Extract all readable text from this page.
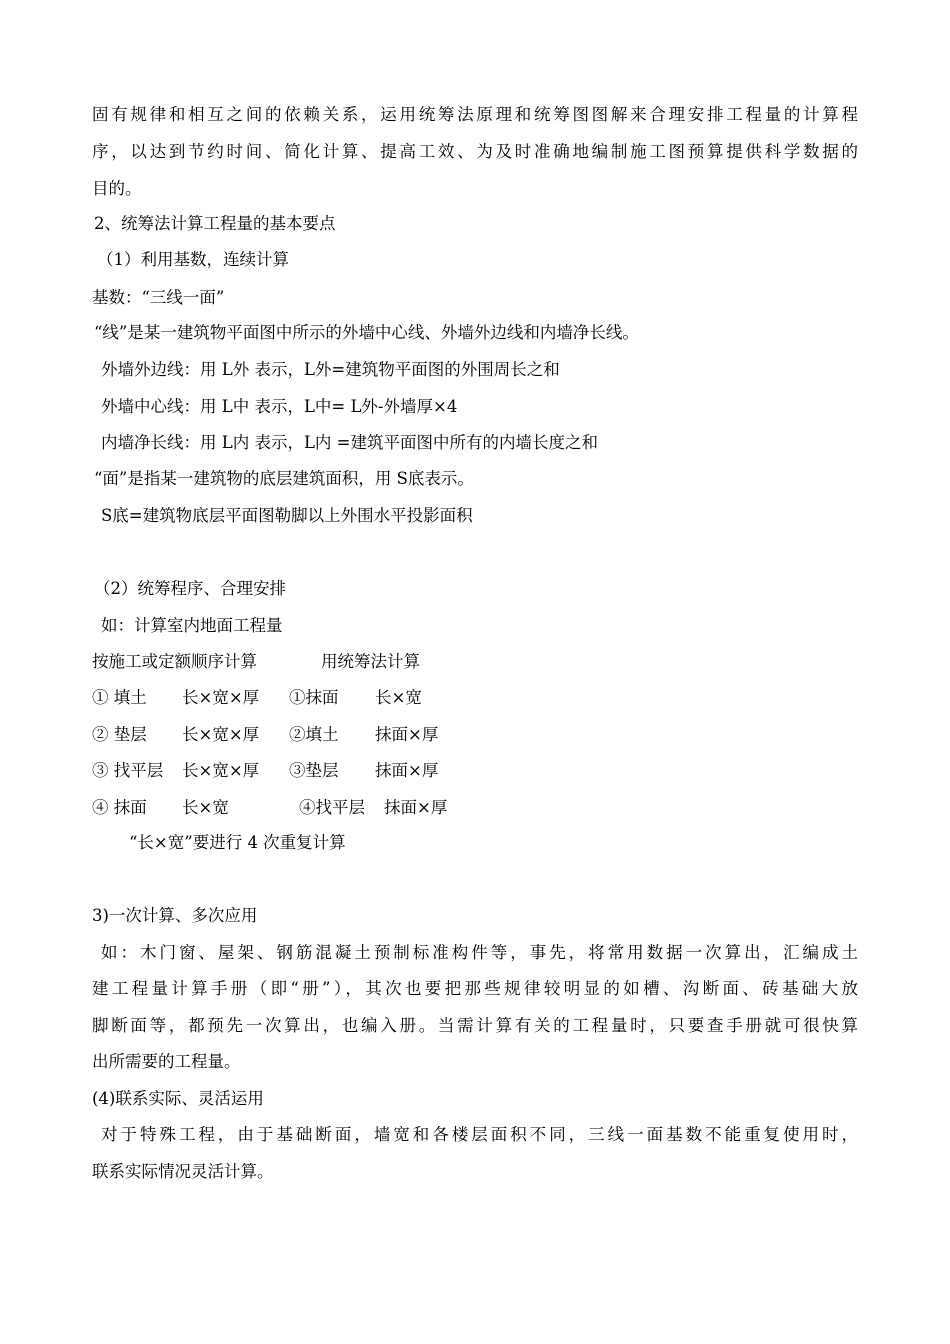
固有规律和相互之间的依赖关系，运用统筹法原理和统筹图图解来合理安排工程量的计算程
序，以达到节约时间、简化计算、提高工效、为及时准确地编制施工图预算提供科学数据的
目的。
2、统筹法计算工程量的基本要点
（1）利用基数，连续计算
基数：“三线一面”
“线”是某一建筑物平面图中所示的外墙中心线、外墙外边线和内墙净长线。
外墙外边线：用 L外 表示，L外=建筑物平面图的外围周长之和
外墙中心线：用 L中 表示，L中= L外-外墙厚×4
内墙净长线：用 L内 表示，L内 =建筑平面图中所有的内墙长度之和
“面”是指某一建筑物的底层建筑面积，用 S底表示。
S底=建筑物底层平面图勒脚以上外围水平投影面积
（2）统筹程序、合理安排
如：计算室内地面工程量
按施工或定额顺序计算	用统筹法计算
① 填土 长×宽×厚 ①抹面 长×宽
② 垫层 长×宽×厚 ②填土 抹面×厚
③ 找平层 长×宽×厚 ③垫层 抹面×厚
④ 抹面 长×宽	④找平层 抹面×厚
“长×宽”要进行 4 次重复计算
3)一次计算、多次应用
如：木门窗、屋架、钢筋混凝土预制标准构件等，事先，将常用数据一次算出，汇编成土
建工程量计算手册（即“册”），其次也要把那些规律较明显的如槽、沟断面、砖基础大放
脚断面等，都预先一次算出，也编入册。当需计算有关的工程量时，只要查手册就可很快算
出所需要的工程量。
(4)联系实际、灵活运用
对于特殊工程，由于基础断面，墙宽和各楼层面积不同，三线一面基数不能重复使用时，
联系实际情况灵活计算。
